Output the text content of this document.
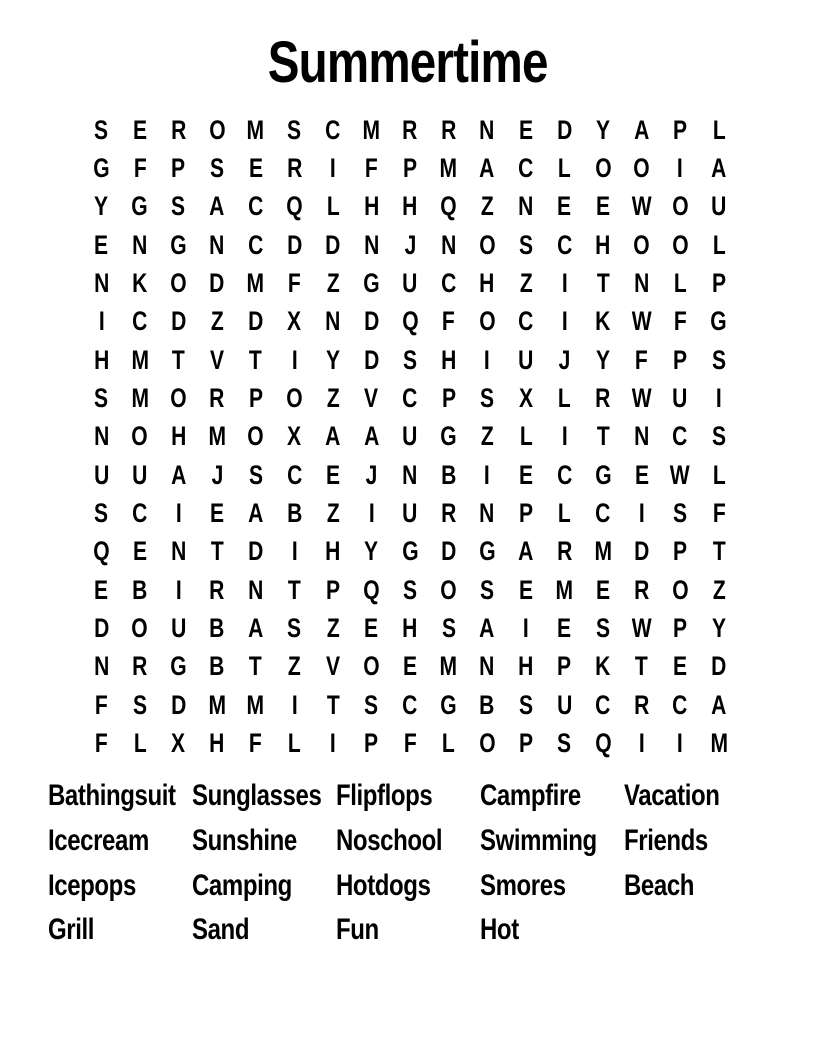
Summertime
S E R O M S C M R R N E D Y A P L
G F P S E R I F P M A C L O O I A
Y G S A C Q L H H Q Z N E E W O U
E N G N C D D N J N O S C H O O L
N K O D M F Z G U C H Z I T N L P
I C D Z D X N D Q F O C I K W F G
H M T V T I Y D S H I U J Y F P S
S M O R P O Z V C P S X L R W U I
N O H M O X A A U G Z L I T N C S
U U A J S C E J N B I E C G E W L
S C I E A B Z I U R N P L C I S F
Q E N T D I H Y G D G A R M D P T
E B I R N T P Q S O S E M E R O Z
D O U B A S Z E H S A I E S W P Y
N R G B T Z V O E M N H P K T E D
F S D M M I T S C G B S U C R C A
F L X H F L I P F L O P S Q I I M
Bathingsuit Sunglasses Flipflops	Campfire	Vacation
Icecream	Sunshine	Noschool	Swimming Friends
Icepops	Camping	Hotdogs	Smores	Beach
Grill	Sand	Fun	Hot
